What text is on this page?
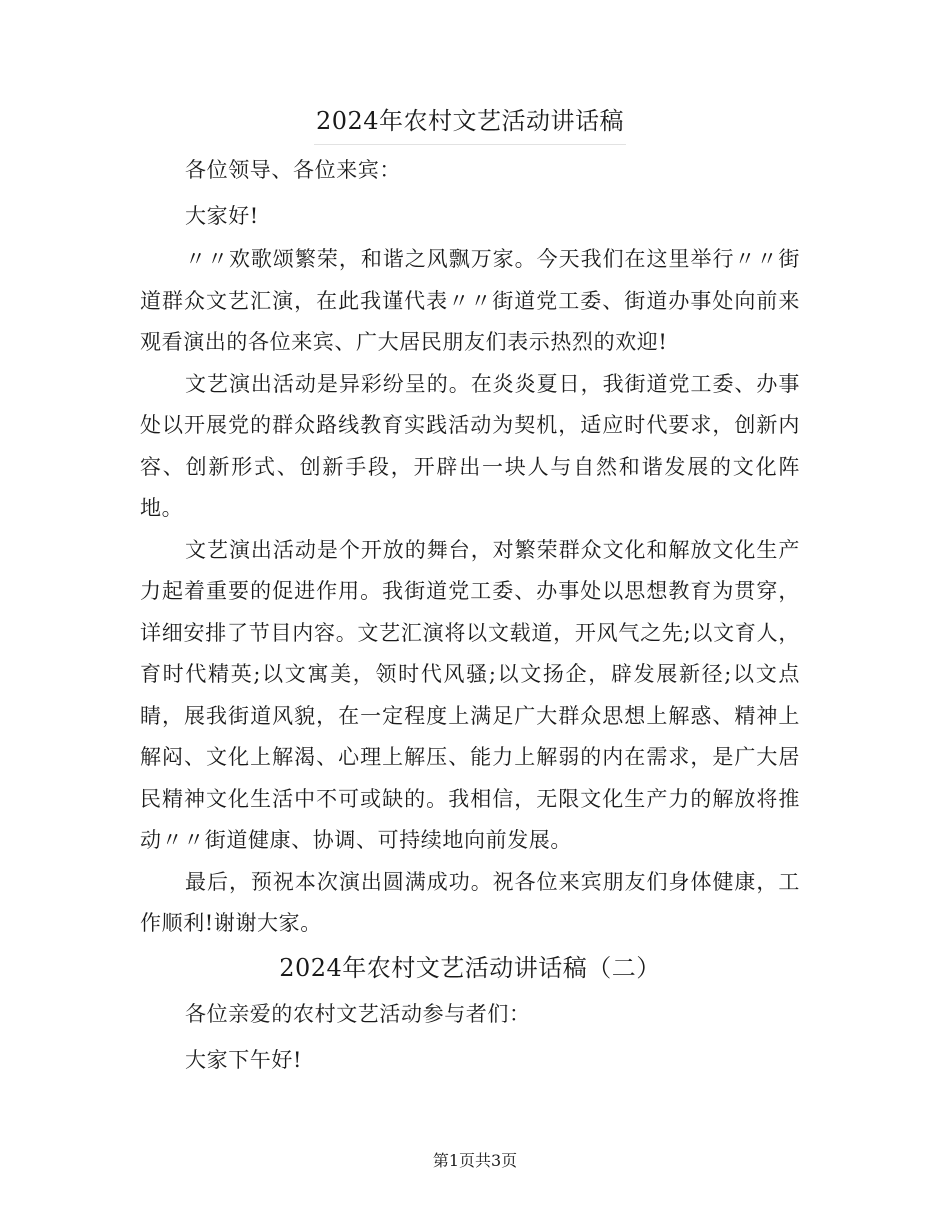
2024年农村文艺活动讲话稿

各位领导、各位来宾：

大家好!

〃〃欢歌颂繁荣，和谐之风飘万家。今天我们在这里举行〃〃街道群众文艺汇演，在此我谨代表〃〃街道党工委、街道办事处向前来观看演出的各位来宾、广大居民朋友们表示热烈的欢迎!

文艺演出活动是异彩纷呈的。在炎炎夏日，我街道党工委、办事处以开展党的群众路线教育实践活动为契机，适应时代要求，创新内容、创新形式、创新手段，开辟出一块人与自然和谐发展的文化阵地。

文艺演出活动是个开放的舞台，对繁荣群众文化和解放文化生产力起着重要的促进作用。我街道党工委、办事处以思想教育为贯穿，详细安排了节目内容。文艺汇演将以文载道，开风气之先;以文育人，育时代精英;以文寓美，领时代风骚;以文扬企，辟发展新径;以文点睛，展我街道风貌，在一定程度上满足广大群众思想上解惑、精神上解闷、文化上解渴、心理上解压、能力上解弱的内在需求，是广大居民精神文化生活中不可或缺的。我相信，无限文化生产力的解放将推动〃〃街道健康、协调、可持续地向前发展。

最后，预祝本次演出圆满成功。祝各位来宾朋友们身体健康，工作顺利!谢谢大家。

2024年农村文艺活动讲话稿（二）

各位亲爱的农村文艺活动参与者们：

大家下午好!

第1页共3页
